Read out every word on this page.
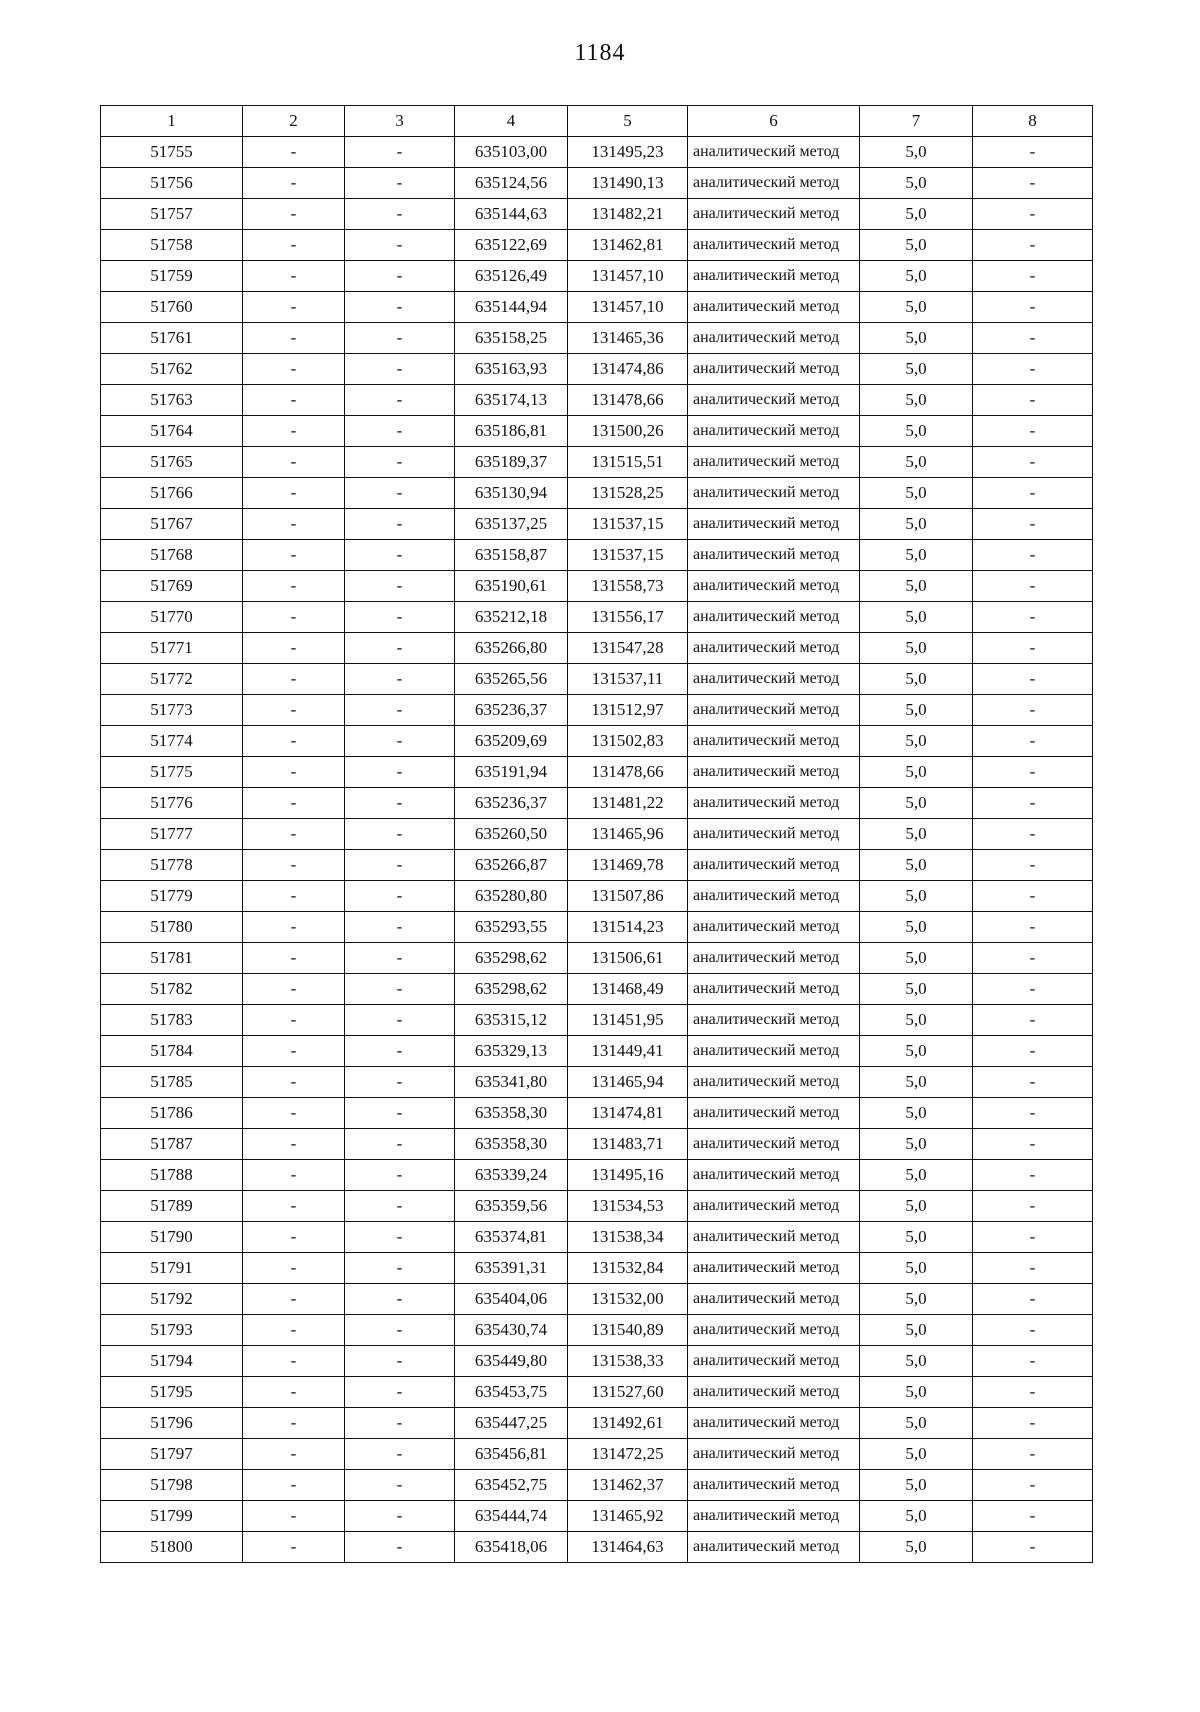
1184
1	2	3	4	5	6	7	8
51755	-	-	635103,00	131495,23	аналитический метод	5,0	-
51756	-	-	635124,56	131490,13	аналитический метод	5,0	-
51757	-	-	635144,63	131482,21	аналитический метод	5,0	-
51758	-	-	635122,69	131462,81	аналитический метод	5,0	-
51759	-	-	635126,49	131457,10	аналитический метод	5,0	-
51760	-	-	635144,94	131457,10	аналитический метод	5,0	-
51761	-	-	635158,25	131465,36	аналитический метод	5,0	-
51762	-	-	635163,93	131474,86	аналитический метод	5,0	-
51763	-	-	635174,13	131478,66	аналитический метод	5,0	-
51764	-	-	635186,81	131500,26	аналитический метод	5,0	-
51765	-	-	635189,37	131515,51	аналитический метод	5,0	-
51766	-	-	635130,94	131528,25	аналитический метод	5,0	-
51767	-	-	635137,25	131537,15	аналитический метод	5,0	-
51768	-	-	635158,87	131537,15	аналитический метод	5,0	-
51769	-	-	635190,61	131558,73	аналитический метод	5,0	-
51770	-	-	635212,18	131556,17	аналитический метод	5,0	-
51771	-	-	635266,80	131547,28	аналитический метод	5,0	-
51772	-	-	635265,56	131537,11	аналитический метод	5,0	-
51773	-	-	635236,37	131512,97	аналитический метод	5,0	-
51774	-	-	635209,69	131502,83	аналитический метод	5,0	-
51775	-	-	635191,94	131478,66	аналитический метод	5,0	-
51776	-	-	635236,37	131481,22	аналитический метод	5,0	-
51777	-	-	635260,50	131465,96	аналитический метод	5,0	-
51778	-	-	635266,87	131469,78	аналитический метод	5,0	-
51779	-	-	635280,80	131507,86	аналитический метод	5,0	-
51780	-	-	635293,55	131514,23	аналитический метод	5,0	-
51781	-	-	635298,62	131506,61	аналитический метод	5,0	-
51782	-	-	635298,62	131468,49	аналитический метод	5,0	-
51783	-	-	635315,12	131451,95	аналитический метод	5,0	-
51784	-	-	635329,13	131449,41	аналитический метод	5,0	-
51785	-	-	635341,80	131465,94	аналитический метод	5,0	-
51786	-	-	635358,30	131474,81	аналитический метод	5,0	-
51787	-	-	635358,30	131483,71	аналитический метод	5,0	-
51788	-	-	635339,24	131495,16	аналитический метод	5,0	-
51789	-	-	635359,56	131534,53	аналитический метод	5,0	-
51790	-	-	635374,81	131538,34	аналитический метод	5,0	-
51791	-	-	635391,31	131532,84	аналитический метод	5,0	-
51792	-	-	635404,06	131532,00	аналитический метод	5,0	-
51793	-	-	635430,74	131540,89	аналитический метод	5,0	-
51794	-	-	635449,80	131538,33	аналитический метод	5,0	-
51795	-	-	635453,75	131527,60	аналитический метод	5,0	-
51796	-	-	635447,25	131492,61	аналитический метод	5,0	-
51797	-	-	635456,81	131472,25	аналитический метод	5,0	-
51798	-	-	635452,75	131462,37	аналитический метод	5,0	-
51799	-	-	635444,74	131465,92	аналитический метод	5,0	-
51800	-	-	635418,06	131464,63	аналитический метод	5,0	-
